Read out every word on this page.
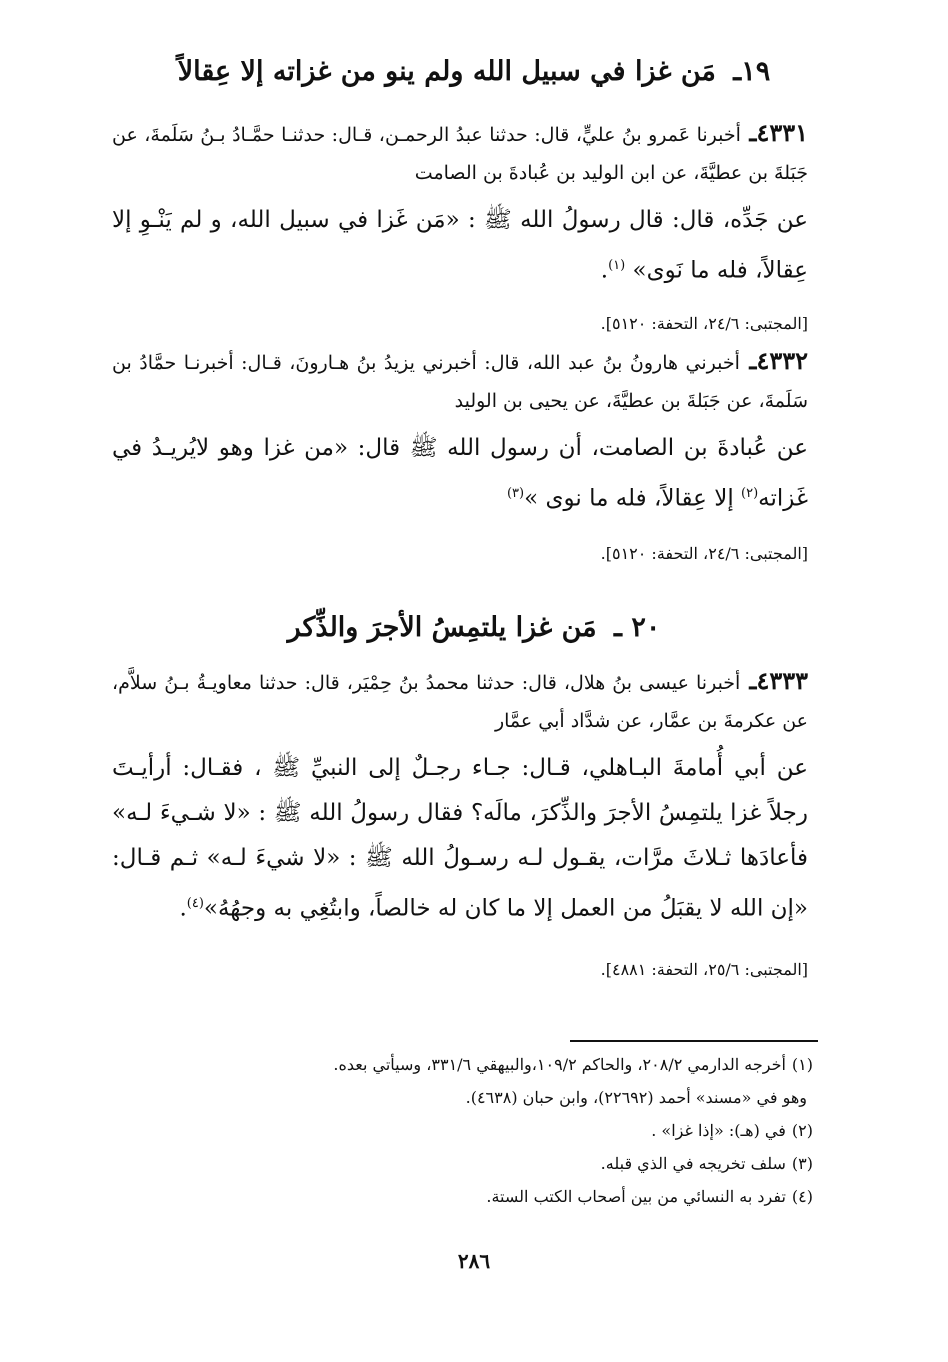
١٩ـ مَن غزا في سبيل الله ولم ينو من غزاته إلا عِقالاً

٤٣٣١ـ أخبرنا عَمرو بنُ عليٍّ، قال: حدثنا عبدُ الرحمـن، قـال: حدثنـا حمَّـادُ بـنُ سَلَمةَ، عن جَبَلةَ بن عطيَّةَ، عن ابن الوليد بن عُبادةَ بن الصامت

عن جَدِّه، قال: قال رسولُ الله ﷺ : «مَن غَزا في سبيل الله، و لم يَنْـوِ إلا عِقالاً، فله ما نَوى» $^{(١)}$.

[المجتبى: ٢٤/٦، التحفة: ٥١٢٠].

٤٣٣٢ـ أخبرني هارونُ بنُ عبد الله، قال: أخبرني يزيدُ بنُ هـارونَ، قـال: أخبرنـا حمَّادُ بن سَلَمةَ، عن جَبَلةَ بن عطيَّةَ، عن يحيى بن الوليد

عن عُبادةَ بن الصامت، أن رسول الله ﷺ قال: «من غزا وهو لايُريـدُ في غَزاته$^{(٢)}$ إلا عِقالاً، فله ما نوى »$^{(٣)}$

[المجتبى: ٢٤/٦، التحفة: ٥١٢٠].

٢٠ ـ مَن غزا يلتمِسُ الأجرَ والذِّكر

٤٣٣٣ـ أخبرنا عيسى بنُ هلال، قال: حدثنا محمدُ بنُ حِمْيَر، قال: حدثنا معاويـةُ بـنُ سلاَّم، عن عكرمةَ بن عمَّار، عن شدَّاد أبي عمَّار

عن أبي أُمامةَ البـاهلي، قـال: جـاء رجـلٌ إلى النبيِّ ﷺ ، فقـال: أرأيـتَ رجلاً غزا يلتمِسُ الأجرَ والذِّكرَ، مالَه؟ فقال رسولُ الله ﷺ : «لا شـيءَ لـه» فأعادَها ثـلاثَ مرَّات، يقـول لـه رسـولُ الله ﷺ : «لا شيءَ لـه» ثـم قـال: «إن الله لا يقبَلُ من العمل إلا ما كان له خالصاً، وابتُغِي به وجهُهُ»$^{(٤)}$.

[المجتبى: ٢٥/٦، التحفة: ٤٨٨١].

(١)أخرجه الدارمي ٢٠٨/٢، والحاكم ١٠٩/٢،والبيهقي ٣٣١/٦، وسيأتي بعده.
وهو في «مسند» أحمد (٢٢٦٩٢)، وابن حبان (٤٦٣٨).
(٢)في (هـ): «إذا غزا» .
(٣)سلف تخريجه في الذي قبله.
(٤)تفرد به النسائي من بين أصحاب الكتب الستة.
٢٨٦
